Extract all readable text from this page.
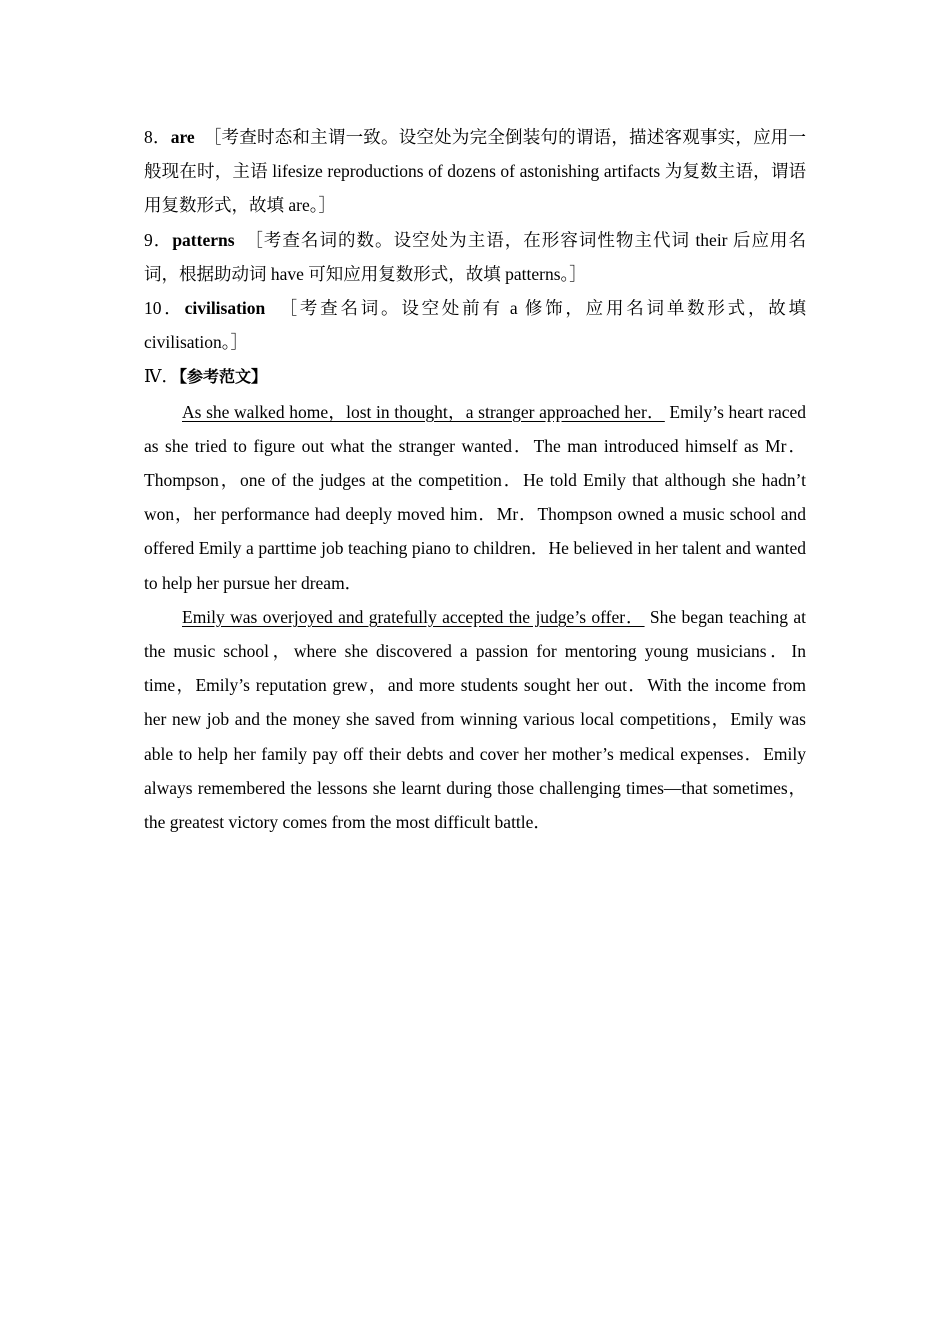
8．are ［考查时态和主谓一致。设空处为完全倒装句的谓语，描述客观事实，应用一般现在时，主语 lifesize reproductions of dozens of astonishing artifacts 为复数主语，谓语用复数形式，故填 are。］
9．patterns ［考查名词的数。设空处为主语，在形容词性物主代词 their 后应用名词，根据助动词 have 可知应用复数形式，故填 patterns。］
10．civilisation ［考查名词。设空处前有 a 修饰，应用名词单数形式，故填 civilisation。］
Ⅳ．【参考范文】
As she walked home，lost in thought，a stranger approached her． Emily’s heart raced as she tried to figure out what the stranger wanted．The man introduced himself as Mr．Thompson，one of the judges at the competition．He told Emily that although she hadn’t won，her performance had deeply moved him．Mr．Thompson owned a music school and offered Emily a parttime job teaching piano to children．He believed in her talent and wanted to help her pursue her dream．
Emily was overjoyed and gratefully accepted the judge’s offer． She began teaching at the music school，where she discovered a passion for mentoring young musicians．In time，Emily’s reputation grew，and more students sought her out．With the income from her new job and the money she saved from winning various local competitions，Emily was able to help her family pay off their debts and cover her mother’s medical expenses．Emily always remembered the lessons she learnt during those challenging times—that sometimes，the greatest victory comes from the most difficult battle．
